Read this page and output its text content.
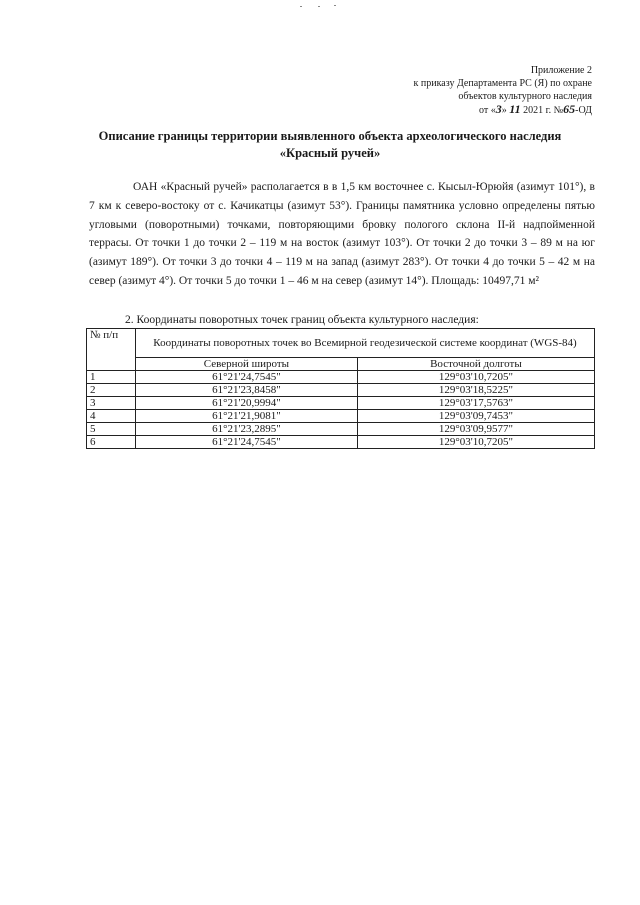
Приложение 2
к приказу Департамента РС (Я) по охране
объектов культурного наследия
от «3» 11 2021 г. №65-ОД
Описание границы территории выявленного объекта археологического наследия
«Красный ручей»

ОАН «Красный ручей» располагается в в 1,5 км восточнее с. Кысыл-Юрюйя (азимут 101°), в 7 км к северо-востоку от с. Качикатцы (азимут 53°). Границы памятника условно определены пятью угловыми (поворотными) точками, повторяющими бровку пологого склона II-й надпойменной террасы. От точки 1 до точки 2 – 119 м на восток (азимут 103°). От точки 2 до точки 3 – 89 м на юг (азимут 189°). От точки 3 до точки 4 – 119 м на запад (азимут 283°). От точки 4 до точки 5 – 42 м на север (азимут 4°). От точки 5 до точки 1 – 46 м на север (азимут 14°). Площадь: 10497,71 м²

2. Координаты поворотных точек границ объекта культурного наследия:
№ п/п	Координаты поворотных точек во Всемирной геодезической системе координат (WGS-84)	
	Северной широты	Восточной долготы
1	61°21'24,7545"	129°03'10,7205"
2	61°21'23,8458"	129°03'18,5225"
3	61°21'20,9994"	129°03'17,5763"
4	61°21'21,9081"	129°03'09,7453"
5	61°21'23,2895"	129°03'09,9577"
6	61°21'24,7545"	129°03'10,7205"
